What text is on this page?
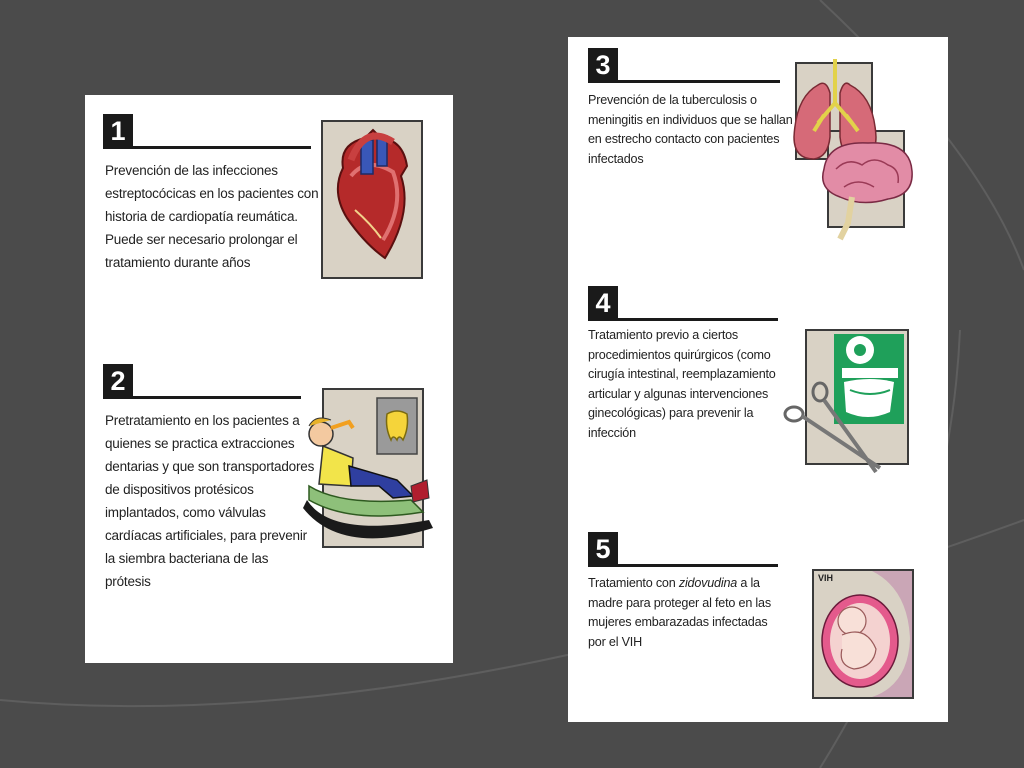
1
Prevención de las infecciones estreptocócicas en los pacientes con historia de cardiopatía reumática. Puede ser necesario prolongar el tratamiento durante años
2
Pretratamiento en los pacientes a quienes se practica extracciones dentarias y que son transportadores de dispositivos protésicos implantados, como válvulas cardíacas artificiales, para prevenir la siembra bacteriana de las prótesis
3
Prevención de la tuberculosis o meningitis en individuos que se hallan en estrecho contacto con pacientes infectados
4
Tratamiento previo a ciertos procedimientos quirúrgicos (como cirugía intestinal, reemplazamiento articular y algunas intervenciones ginecológicas) para prevenir la infección
5
Tratamiento con zidovudina a la madre para proteger al feto en las mujeres embarazadas infectadas por el VIH
VIH
